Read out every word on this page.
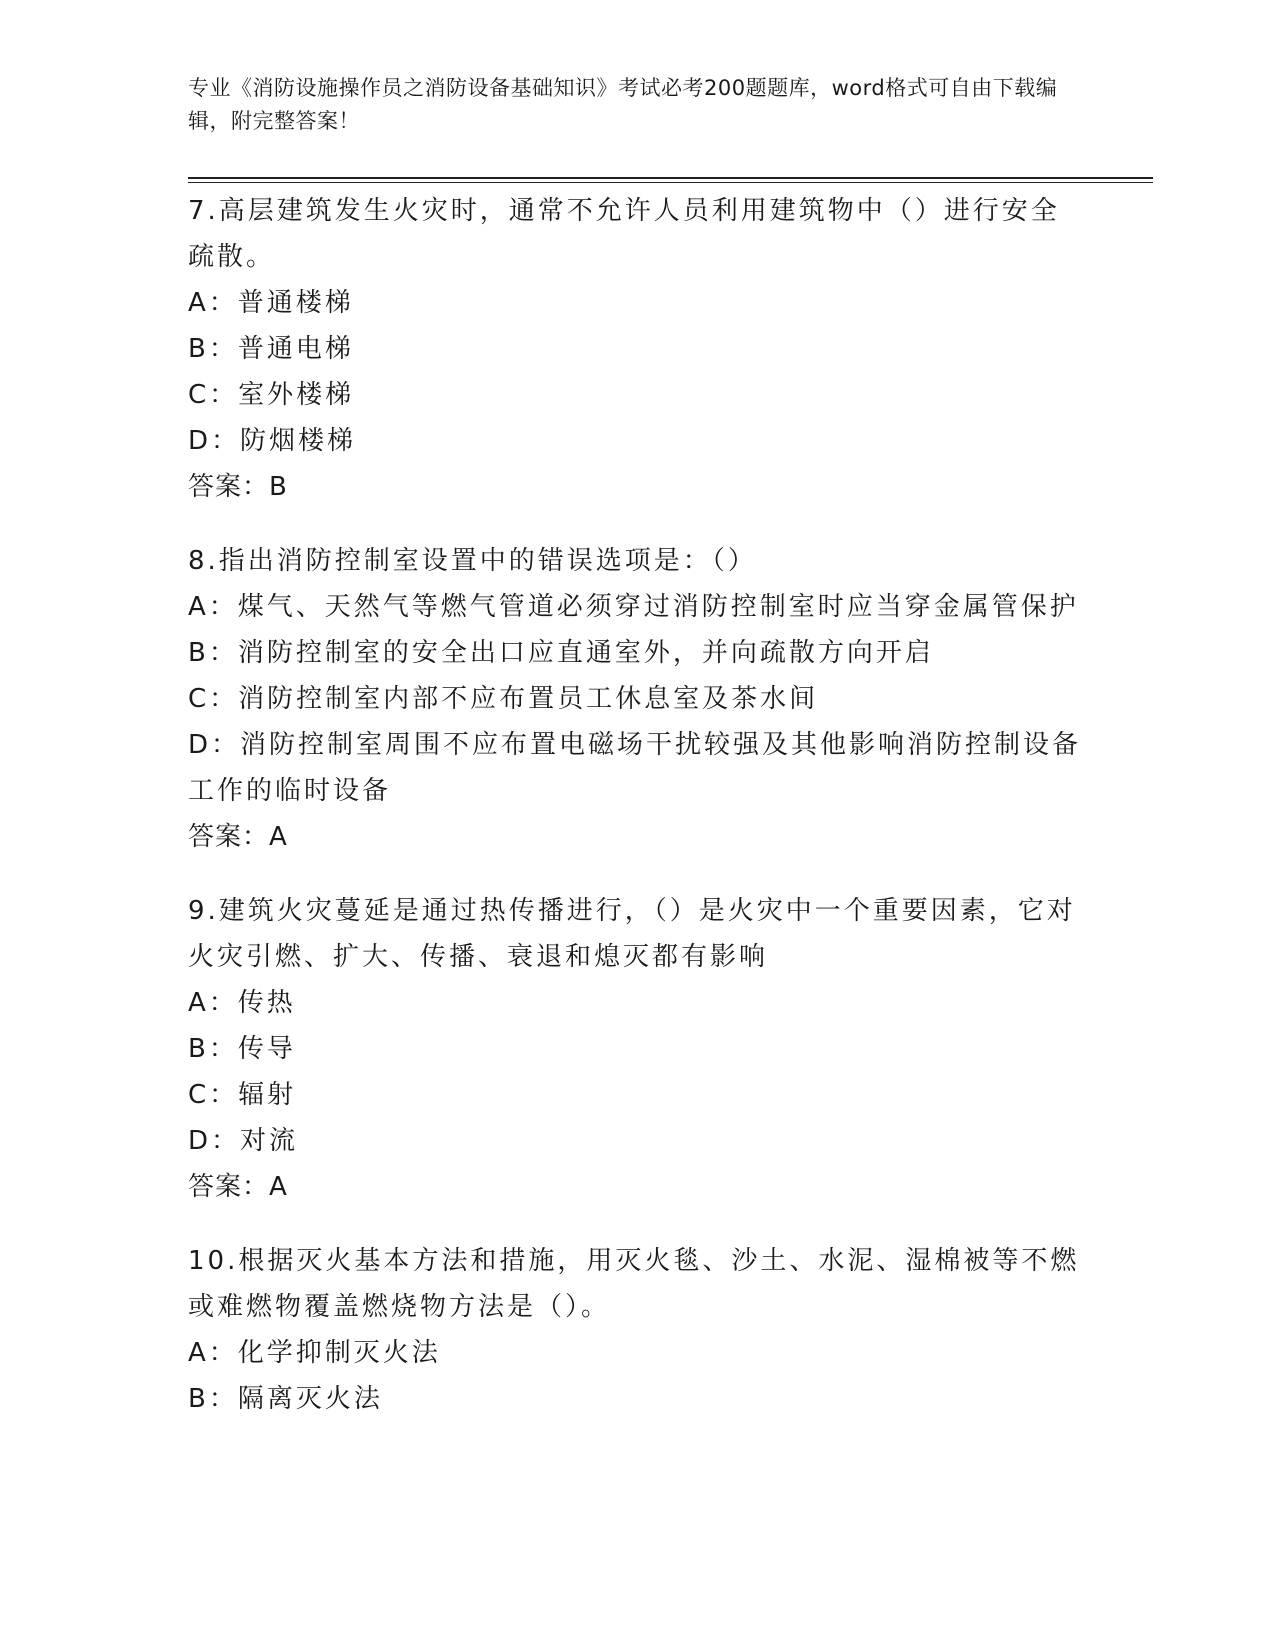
专业《消防设施操作员之消防设备基础知识》考试必考200题题库，word格式可自由下载编辑，附完整答案！
7.高层建筑发生火灾时，通常不允许人员利用建筑物中（）进行安全疏散。
A：普通楼梯
B：普通电梯
C：室外楼梯
D：防烟楼梯
答案：B
8.指出消防控制室设置中的错误选项是：（）
A：煤气、天然气等燃气管道必须穿过消防控制室时应当穿金属管保护
B：消防控制室的安全出口应直通室外，并向疏散方向开启
C：消防控制室内部不应布置员工休息室及茶水间
D：消防控制室周围不应布置电磁场干扰较强及其他影响消防控制设备工作的临时设备
答案：A
9.建筑火灾蔓延是通过热传播进行，（）是火灾中一个重要因素，它对火灾引燃、扩大、传播、衰退和熄灭都有影响
A：传热
B：传导
C：辐射
D：对流
答案：A
10.根据灭火基本方法和措施，用灭火毯、沙土、水泥、湿棉被等不燃或难燃物覆盖燃烧物方法是（）。
A：化学抑制灭火法
B：隔离灭火法
